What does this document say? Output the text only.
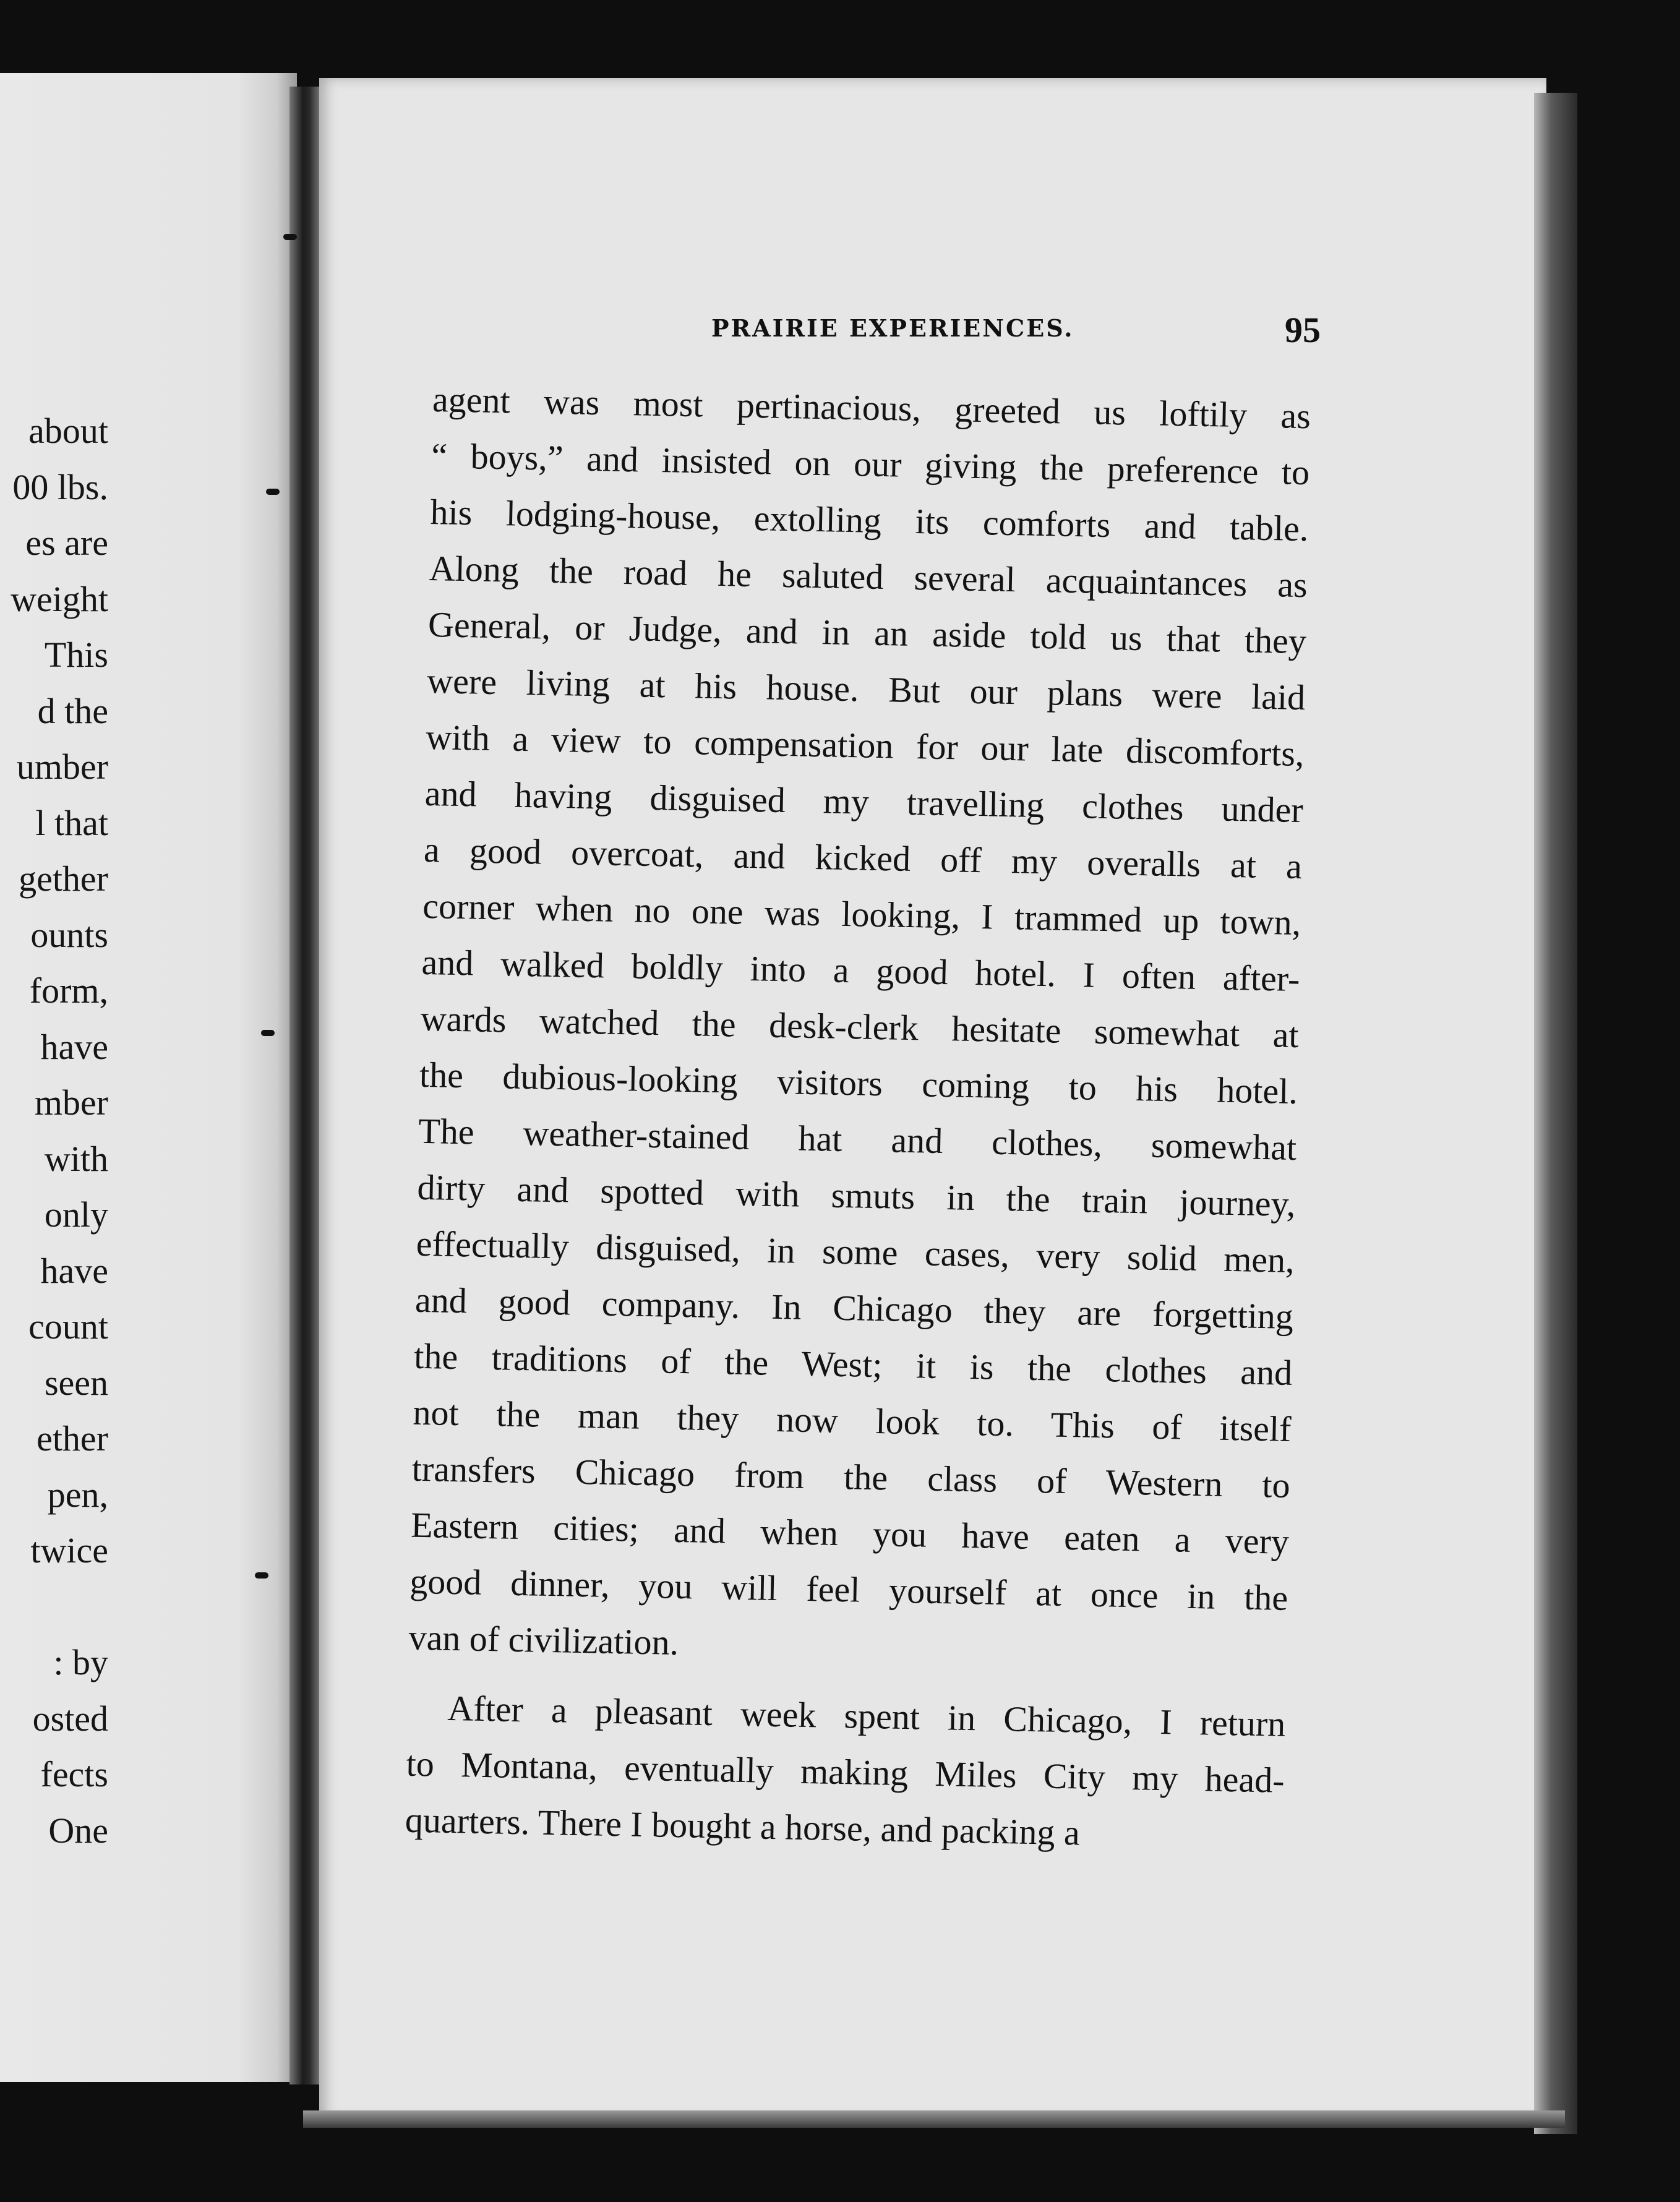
about
00 lbs.
es are
weight
This
d the
umber
l that
gether
ounts
form,
have
mber
with
only
have
count
seen
ether
pen,
twice
: by
osted
fects
One
PRAIRIE EXPERIENCES.	95
agent was most pertinacious, greeted us loftily as
“ boys,” and insisted on our giving the preference to
his lodging-house, extolling its comforts and table.
Along the road he saluted several acquaintances as
General, or Judge, and in an aside told us that they
were living at his house. But our plans were laid
with a view to compensation for our late discomforts,
and having disguised my travelling clothes under
a good overcoat, and kicked off my overalls at a
corner when no one was looking, I trammed up town,
and walked boldly into a good hotel. I often after-
wards watched the desk-clerk hesitate somewhat at
the dubious-looking visitors coming to his hotel.
The weather-stained hat and clothes, somewhat
dirty and spotted with smuts in the train journey,
effectually disguised, in some cases, very solid men,
and good company. In Chicago they are forgetting
the traditions of the West; it is the clothes and
not the man they now look to. This of itself
transfers Chicago from the class of Western to
Eastern cities; and when you have eaten a very
good dinner, you will feel yourself at once in the
van of civilization.
After a pleasant week spent in Chicago, I return
to Montana, eventually making Miles City my head-
quarters. There I bought a horse, and packing a
